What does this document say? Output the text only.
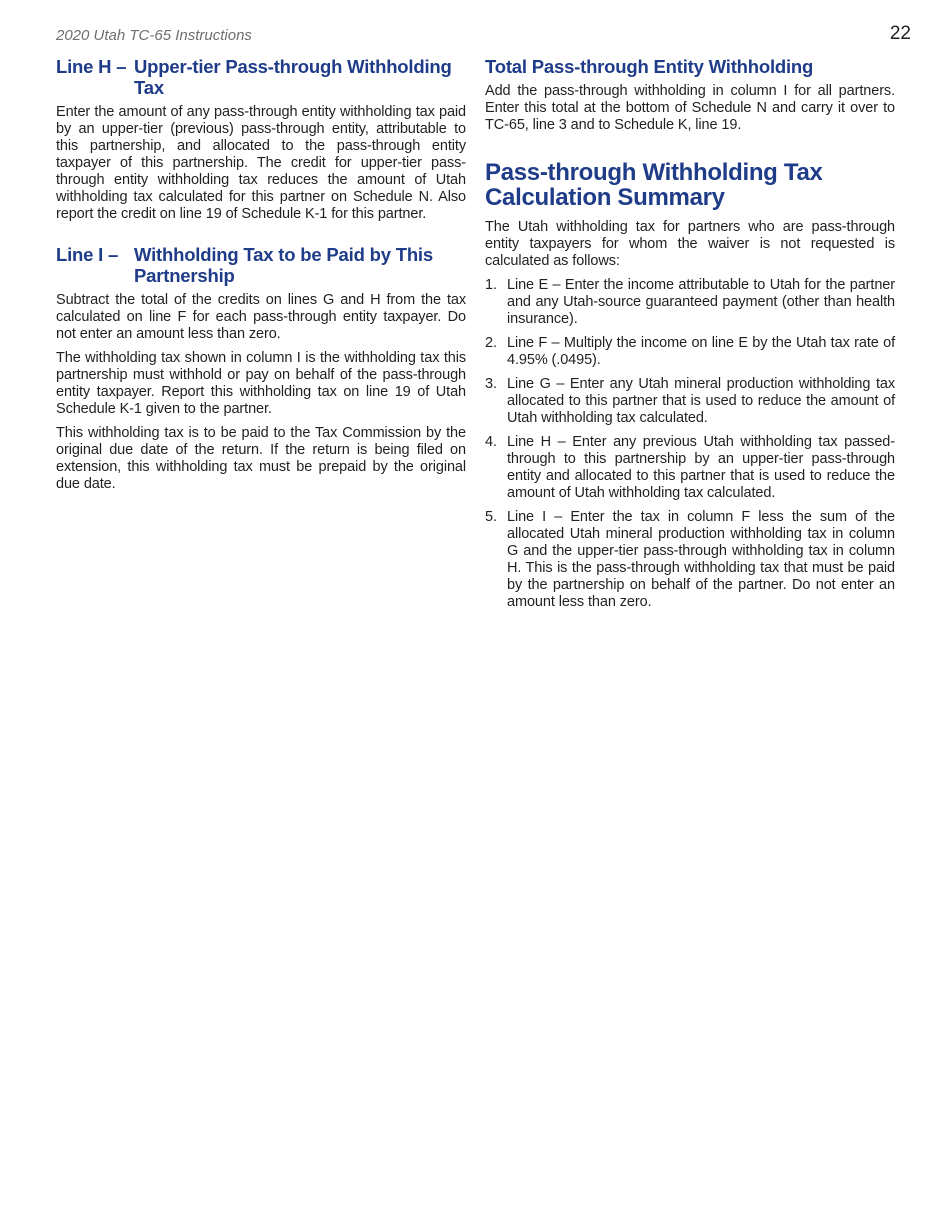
2020 Utah TC-65 Instructions	22
Line H – Upper-tier Pass-through Withholding Tax

Enter the amount of any pass-through entity withholding tax paid by an upper-tier (previous) pass-through entity, attributable to this partnership, and allocated to the pass-through entity taxpayer of this partnership. The credit for upper-tier pass-through entity withholding tax reduces the amount of Utah withholding tax calculated for this partner on Schedule N. Also report the credit on line 19 of Schedule K-1 for this partner.

Line I – Withholding Tax to be Paid by This Partnership

Subtract the total of the credits on lines G and H from the tax calculated on line F for each pass-through entity taxpayer. Do not enter an amount less than zero.

The withholding tax shown in column I is the withholding tax this partnership must withhold or pay on behalf of the pass-through entity taxpayer. Report this withholding tax on line 19 of Utah Schedule K-1 given to the partner.

This withholding tax is to be paid to the Tax Commission by the original due date of the return. If the return is being filed on extension, this withholding tax must be prepaid by the original due date.

Total Pass-through Entity Withholding

Add the pass-through withholding in column I for all partners. Enter this total at the bottom of Schedule N and carry it over to TC-65, line 3 and to Schedule K, line 19.

Pass-through Withholding Tax Calculation Summary

The Utah withholding tax for partners who are pass-through entity taxpayers for whom the waiver is not requested is calculated as follows:

1. Line E – Enter the income attributable to Utah for the partner and any Utah-source guaranteed payment (other than health insurance).
2. Line F – Multiply the income on line E by the Utah tax rate of 4.95% (.0495).
3. Line G – Enter any Utah mineral production withholding tax allocated to this partner that is used to reduce the amount of Utah withholding tax calculated.
4. Line H – Enter any previous Utah withholding tax passed-through to this partnership by an upper-tier pass-through entity and allocated to this partner that is used to reduce the amount of Utah withholding tax calculated.
5. Line I – Enter the tax in column F less the sum of the allocated Utah mineral production withholding tax in column G and the upper-tier pass-through withholding tax in column H. This is the pass-through withholding tax that must be paid by the partnership on behalf of the partner. Do not enter an amount less than zero.
